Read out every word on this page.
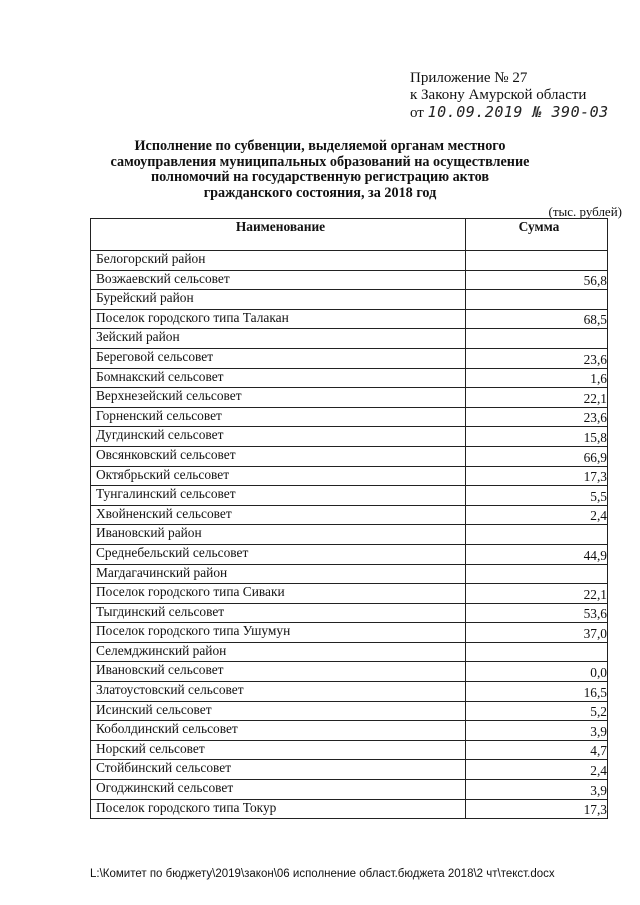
Приложение № 27
к Закону Амурской области
от 10.09.2019 № 390-03
Исполнение по субвенции, выделяемой органам местного самоуправления муниципальных образований на осуществление полномочий на государственную регистрацию актов гражданского состояния, за 2018 год
(тыс. рублей)
Наименование	Сумма
Белогорский район	
Возжаевский сельсовет	56,8
Бурейский район	
Поселок городского типа Талакан	68,5
Зейский район	
Береговой сельсовет	23,6
Бомнакский сельсовет	1,6
Верхнезейский сельсовет	22,1
Горненский сельсовет	23,6
Дугдинский сельсовет	15,8
Овсянковский сельсовет	66,9
Октябрьский сельсовет	17,3
Тунгалинский сельсовет	5,5
Хвойненский сельсовет	2,4
Ивановский район	
Среднебельский сельсовет	44,9
Магдагачинский район	
Поселок городского типа Сиваки	22,1
Тыгдинский сельсовет	53,6
Поселок городского типа Ушумун	37,0
Селемджинский район	
Ивановский сельсовет	0,0
Златоустовский сельсовет	16,5
Исинский сельсовет	5,2
Коболдинский сельсовет	3,9
Норский сельсовет	4,7
Стойбинский сельсовет	2,4
Огоджинский сельсовет	3,9
Поселок городского типа Токур	17,3
L:\Комитет по бюджету\2019\закон\06 исполнение област.бюджета 2018\2 чт\текст.docx
